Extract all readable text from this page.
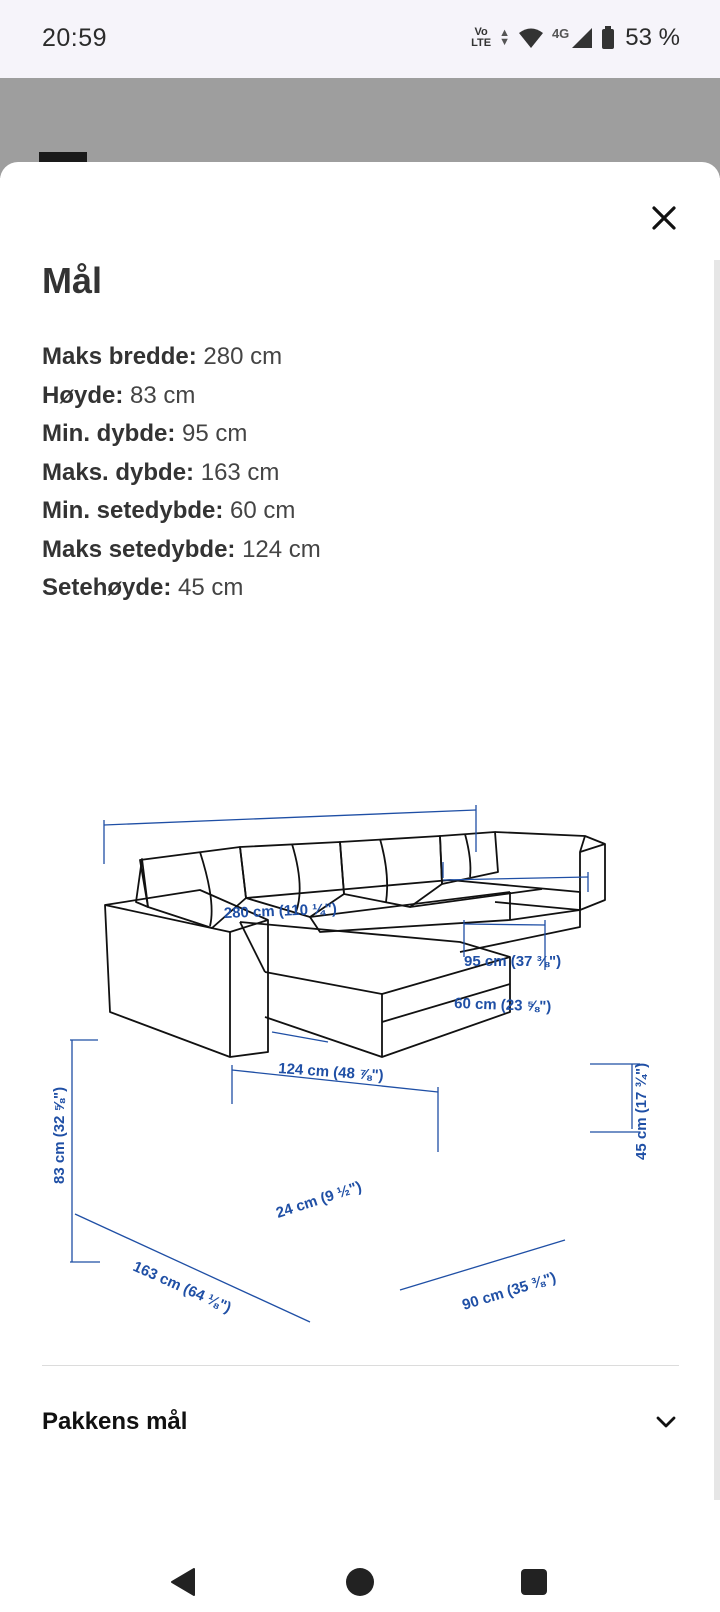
20:59	Vo
LTE
▲
▼
4G 53 %
Mål
Maks bredde: 280 cm
Høyde: 83 cm
Min. dybde: 95 cm
Maks. dybde: 163 cm
Min. setedybde: 60 cm
Maks setedybde: 124 cm
Setehøyde: 45 cm
280 cm (110 ¼")
95 cm (37 ⅜")
60 cm (23 ⅝")
124 cm (48 ⅞")
83 cm (32 ⅝")	45 cm (17 ¾")
24 cm (9 ½")
163 cm (64 ⅛")	90 cm (35 ⅜")
Pakkens mål
